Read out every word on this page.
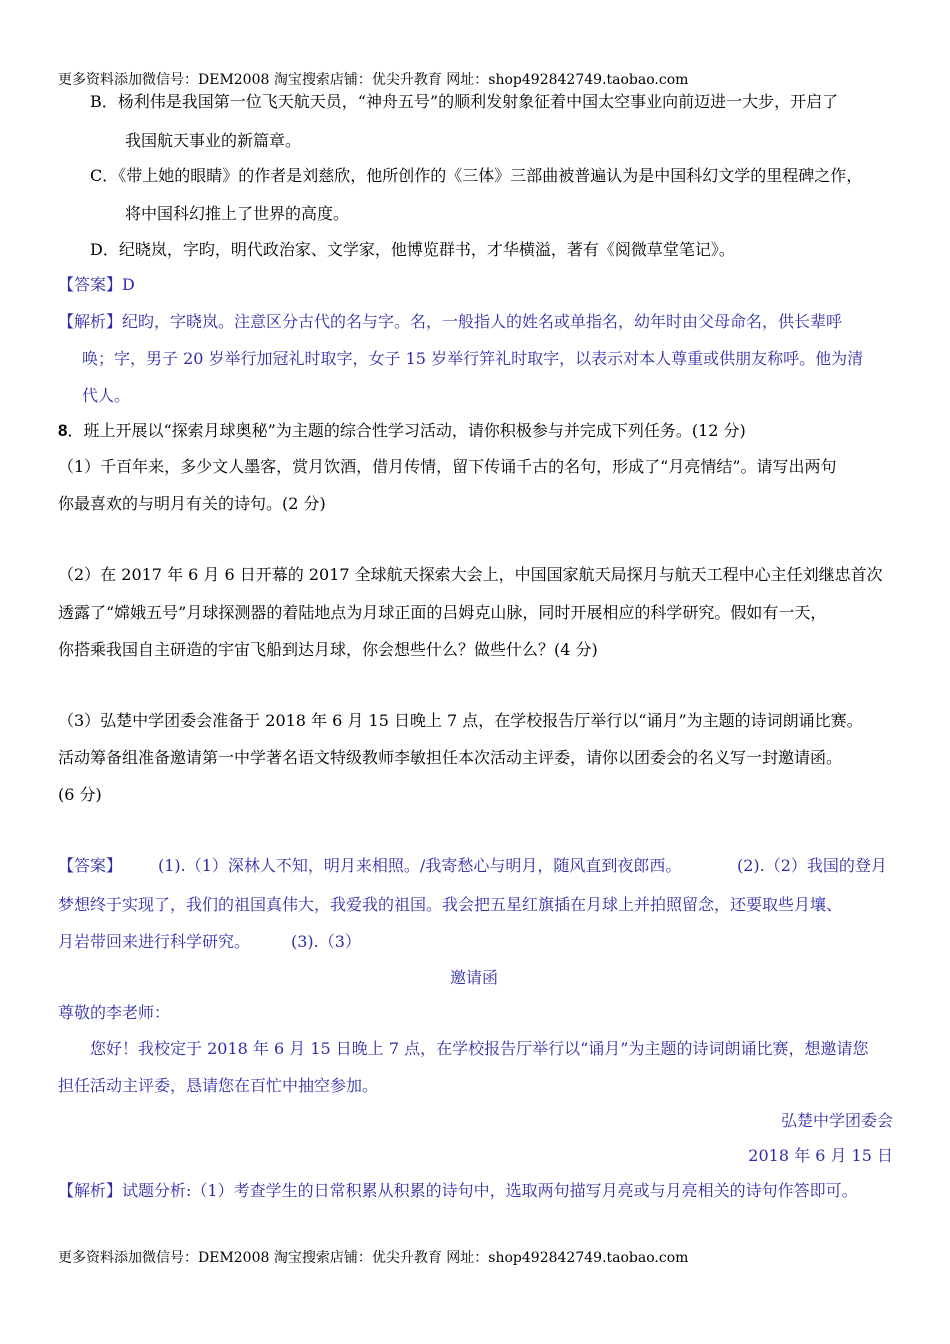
更多资料添加微信号：DEM2008 淘宝搜索店铺：优尖升教育 网址：shop492842749.taobao.com
B．杨利伟是我国第一位飞天航天员，“神舟五号”的顺利发射象征着中国太空事业向前迈进一大步，开启了
我国航天事业的新篇章。
C．《带上她的眼睛》的作者是刘慈欣，他所创作的《三体》三部曲被普遍认为是中国科幻文学的里程碑之作，
将中国科幻推上了世界的高度。
D．纪晓岚，字昀，明代政治家、文学家，他博览群书，才华横溢，著有《阅微草堂笔记》。
【答案】D
【解析】纪昀，字晓岚。注意区分古代的名与字。名，一般指人的姓名或单指名，幼年时由父母命名，供长辈呼
唤；字，男子 20 岁举行加冠礼时取字，女子 15 岁举行笄礼时取字，以表示对本人尊重或供朋友称呼。他为清
代人。
8．班上开展以“探索月球奥秘”为主题的综合性学习活动，请你积极参与并完成下列任务。(12 分)
（1）千百年来，多少文人墨客，赏月饮酒，借月传情，留下传诵千古的名句，形成了“月亮情结”。请写出两句
你最喜欢的与明月有关的诗句。(2 分)
（2）在 2017 年 6 月 6 日开幕的 2017 全球航天探索大会上，中国国家航天局探月与航天工程中心主任刘继忠首次
透露了“嫦娥五号”月球探测器的着陆地点为月球正面的吕姆克山脉，同时开展相应的科学研究。假如有一天，
你搭乘我国自主研造的宇宙飞船到达月球，你会想些什么？做些什么？(4 分)
（3）弘楚中学团委会准备于 2018 年 6 月 15 日晚上 7 点，在学校报告厅举行以“诵月”为主题的诗词朗诵比赛。
活动筹备组准备邀请第一中学著名语文特级教师李敏担任本次活动主评委，请你以团委会的名义写一封邀请函。
(6 分)
【答案】 (1).（1）深林人不知，明月来相照。/我寄愁心与明月，随风直到夜郎西。	(2).（2）我国的登月
梦想终于实现了，我们的祖国真伟大，我爱我的祖国。我会把五星红旗插在月球上并拍照留念，还要取些月壤、
月岩带回来进行科学研究。	(3).（3）
邀请函
尊敬的李老师：
您好！我校定于 2018 年 6 月 15 日晚上 7 点，在学校报告厅举行以“诵月”为主题的诗词朗诵比赛，想邀请您
担任活动主评委，恳请您在百忙中抽空参加。
弘楚中学团委会
2018 年 6 月 15 日
【解析】试题分析:（1）考查学生的日常积累从积累的诗句中，选取两句描写月亮或与月亮相关的诗句作答即可。
更多资料添加微信号：DEM2008 淘宝搜索店铺：优尖升教育 网址：shop492842749.taobao.com
